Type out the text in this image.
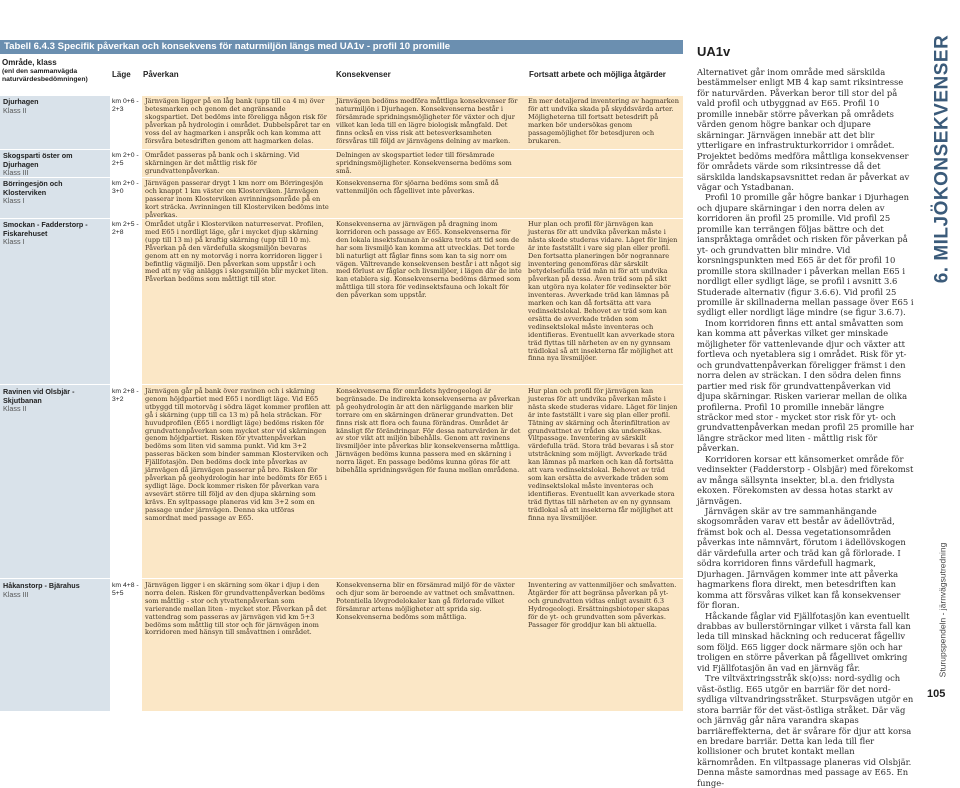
Tabell 6.4.3 Specifik påverkan och konsekvens för naturmiljön längs med UA1v - profil 10 promille
Område, klass
(enl den sammanvägda naturvärdesbedömningen)
Läge Påverkan	Konsekvenser	Fortsatt arbete och möjliga åtgärder
Djurhagen
Klass II
km 0+6 - 2+3
Järnvägen ligger på en låg bank (upp till ca 4 m) över betesmarken och genom det angränsande skogspartiet. Det bedöms inte föreligga någon risk för påverkan på hydrologin i området. Dubbelspåret tar en voss del av hagmarken i anspråk och kan komma att försvåra betesdriften genom att hagmarken delas.
Järnvägen bedöms medföra måttliga konsekvenser för naturmiljön i Djurhagen. Konsekvenserna består i försämrade spridningsmöjligheter för växter och djur vilket kan leda till en lägre biologisk mångfald. Det finns också en viss risk att betesverksamheten försvåras till följd av järnvägens delning av marken.
En mer detaljerad inventering av hagmarken för att undvika skada på skyddsvärda arter. Möjligheterna till fortsatt betesdrift på marken bör undersökas genom passagemöjlighet för betesdjuren och brukaren.
Skogsparti öster om Djurhagen
Klass III
km 2+0 - 2+5
Området passeras på bank och i skärning. Vid skärningen är det måttlig risk för grundvattenpåverkan.
Delningen av skogspartiet leder till försämrade spridningsmöjligheter. Konsekvenserna bedöms som små.
Börringesjön och Klosterviken
Klass I
km 2+0 - 3+0
Järnvägen passerar drygt 1 km norr om Börringesjön och knappt 1 km väster om Klosterviken. Järnvägen passerar inom Klosterviken avrinningsområde på en kort sträcka. Avrinningen till Klosterviken bedöms inte påverkas.
Konsekvenserna för sjöarna bedöms som små då vattenmiljön och fågellivet inte påverkas.
Smockan - Fadderstorp - Fiskarehuset
Klass I
km 2+5 - 2+8
Området utgår i Klosterviken naturreservat. Profilen, med E65 i nordligt läge, går i mycket djup skärning (upp till 13 m) på kraftig skärning (upp till 10 m). Påverkan på den värdefulla skogsmiljön bevaras genom att en ny motorväg i norra korridoren ligger i befintlig vägmiljö. Den påverkan som uppstår i och med att ny väg anläggs i skogsmiljön blir mycket liten. Påverkan bedöms som måttligt till stor.
Konsekvenserna av järnvägen på dragning inom korridoren och passage av E65. Konsekvenserna för den lokala insektsfaunan är osäkra trots att tid som de har som livsmiljö kan komma att utvecklas. Det torde bli naturligt att fåglar finns som kan ta sig norr om vägen. Vältrevande konsekvensen består i att något sig med förlust av fåglar och livsmiljöer, i lägen där de inte kan etablera sig. Konsekvenserna bedöms därmed som måttliga till stora för vedinsektsfauna och lokalt för den påverkan som uppstår.
Hur plan och profil för järnvägen kan justeras för att undvika påverkan måste i nästa skede studeras vidare. Läget för linjen är inte fastställt i vare sig plan eller profil. Den fortsatta planeringen bör nogrannare inventering genomföras där särskilt betydelsefulla träd män ni för att undvika påverkan på dessa. Även träd som på sikt kan utgöra nya kolater för vedinsekter bör inventeras. Avverkade träd kan lämnas på marken och kan då fortsätta att vara vedinsektslokal. Behovet av träd som kan ersätta de avverkade träden som vedinsektslokal måste inventeras och identifieras. Eventuellt kan avverkade stora träd flyttas till närheten av en ny gynnsam trädlokal så att insekterna får möjlighet att finna nya livsmiljöer.
Ravinen vid Olsbjär - Skjutbanan
Klass II
km 2+8 - 3+2
Järnvägen går på bank över ravinen och i skärning genom höjdpartiet med E65 i nordligt läge. Vid E65 utbyggd till motorväg i södra läget kommer profilen att gå i skärning (upp till ca 13 m) på hela sträckan. För huvudprofilen (E65 i nordligt läge) bedöms risken för grundvattenpåverkan som mycket stor vid skärningen genom höjdpartiet. Risken för ytvattenpåverkan bedöms som liten vid samma punkt. Vid km 3+2 passeras bäcken som binder samman Klosterviken och Fjällfotasjön. Den bedöms dock inte påverkas av järnvägen då järnvägen passerar på bro. Risken för påverkan på geohydrologin har inte bedömts för E65 i sydligt läge. Dock kommer risken för påverkan vara avsevärt större till följd av den djupa skärning som krävs. En syltpassage planeras vid km 3+2 som en passage under järnvägen. Denna ska utföras samordnat med passage av E65.
Konsekvenserna för områdets hydrogeologi är begränsade. De indirekta konsekvenserna av påverkan på geohydrologin är att den närliggande marken blir torrare om en skärningen dränerar grundvatten. Det finns risk att flora och fauna förändras. Området är känsligt för förändringar. För dessa naturvärden är det av stor vikt att miljön bibehålls. Genom att ravinens livsmiljöer inte påverkas blir konsekvenserna måttliga. Järnvägen bedöms kunna passera med en skärning i norra läget. En passage bedöms kunna göras för att bibehålla spridningsvägen för fauna mellan områdena.
Hur plan och profil för järnvägen kan justeras för att undvika påverkan måste i nästa skede studeras vidare. Läget för linjen är inte fastställt i vare sig plan eller profil. Tätning av skärning och återinfiltration av grundvattnet av tråden ska undersökas. Viltpassage. Inventering av särskilt värdefulla träd. Stora träd bevaras i så stor utsträckning som möjligt. Avverkade träd kan lämnas på marken och kan då fortsätta att vara vedinsektslokal. Behovet av träd som kan ersätta de avverkade träden som vedinsektslokal måste inventeras och identifieras. Eventuellt kan avverkade stora träd flyttas till närheten av en ny gynnsam trädlokal så att insekterna får möjlighet att finna nya livsmiljöer.
Håkanstorp - Bjärahus
Klass III
km 4+8 - 5+5
Järnvägen ligger i en skärning som ökar i djup i den norra delen. Risken för grundvattenpåverkan bedöms som måttlig - stor och ytvattenpåverkan som varierande mellan liten - mycket stor. Påverkan på det vattendrag som passeras av järnvägen vid km 5+3 bedöms som måttlig till stor och för järnvägen inom korridoren med hänsyn till småvattnen i området.
Konsekvenserna blir en försämrad miljö för de växter och djur som är beroende av vattnet och småvattnen. Potentiella lövgrodelokaler kan gå förlorade vilket försämrar artens möjligheter att sprida sig. Konsekvenserna bedöms som måttliga.
Inventering av vattenmiljöer och småvatten. Åtgärder för att begränsa påverkan på yt- och grundvatten vidtas enligt avsnitt 6.3 Hydrogeologi. Ersättningsbiotoper skapas för de yt- och grundvatten som påverkas. Passager för groddjur kan bli aktuella.
UA1v

Alternativet går inom område med särskilda bestämmelser enligt MB 4 kap samt riksintresse för naturvärden. Påverkan beror till stor del på vald profil och utbyggnad av E65. Profil 10 promille innebär större påverkan på områdets värden genom högre bankar och djupare skärningar. Järnvägen innebär att det blir ytterligare en infrastrukturkorridor i området. Projektet bedöms medföra måttliga konsekvenser för områdets värde som riksintresse då det särskilda landskapsavsnittet redan är påverkat av vägar och Ystadbanan.

Profil 10 promille går högre bankar i Djurhagen och djupare skärningar i den norra delen av korridoren än profil 25 promille. Vid profil 25 promille kan terrängen följas bättre och det ianspråktaga området och risken för påverkan på yt- och grundvatten blir mindre. Vid korsningspunkten med E65 är det för profil 10 promille stora skillnader i påverkan mellan E65 i nordligt eller sydligt läge, se profil i avsnitt 3.6 Studerade alternativ (figur 3.6.6). Vid profil 25 promille är skillnaderna mellan passage över E65 i sydligt eller nordligt läge mindre (se figur 3.6.7).

Inom korridoren finns ett antal småvatten som kan komma att påverkas vilket ger minskade möjligheter för vattenlevande djur och växter att fortleva och nyetablera sig i området. Risk för yt- och grundvattenpåverkan föreligger främst i den norra delen av sträckan. I den södra delen finns partier med risk för grundvattenpåverkan vid djupa skärningar. Risken varierar mellan de olika profilerna. Profil 10 promille innebär längre sträckor med stor - mycket stor risk för yt- och grundvattenpåverkan medan profil 25 promille har längre sträckor med liten - måttlig risk för påverkan.

Korridoren korsar ett känsomerket område för vedinsekter (Fadderstorp - Olsbjär) med förekomst av många sällsynta insekter, bl.a. den fridlysta ekoxen. Förekomsten av dessa hotas starkt av järnvägen.

Järnvägen skär av tre sammanhängande skogsområden varav ett består av ädellövträd, främst bok och al. Dessa vegetationsområden påverkas inte nämnvärt, förutom i ädellövskogen där värdefulla arter och träd kan gå förlorade. I södra korridoren finns värdefull hagmark, Djurhagen. Järnvägen kommer inte att påverka hagmarkens flora direkt, men betesdriften kan komma att försvåras vilket kan få konsekvenser för floran.

Håckande fåglar vid Fjällfotasjön kan eventuellt drabbas av bullerstörningar vilket i värsta fall kan leda till minskad häckning och reducerat fågelliv som följd. E65 ligger dock närmare sjön och har troligen en större påverkan på fågellivet omkring vid Fjällfotasjön än vad en järnväg får.

Tre viltväxtringsstråk sk(o)ss: nord-sydlig och väst-östlig. E65 utgör en barriär för det nord-sydliga viltvandringsstråket. Sturpsvägen utgör en stora barriär för det väst-östliga stråket. Där väg och järnväg går nära varandra skapas barriäreffekterna, det är svårare för djur att korsa en bredare barriär. Detta kan leda till fler kollisioner och brutet kontakt mellan kärnområden. En viltpassage planeras vid Olsbjär. Denna måste samordnas med passage av E65. En funge-

6. MILJÖKONSEKVENSER
Sturupspendeln - järnvägsutredning
105
